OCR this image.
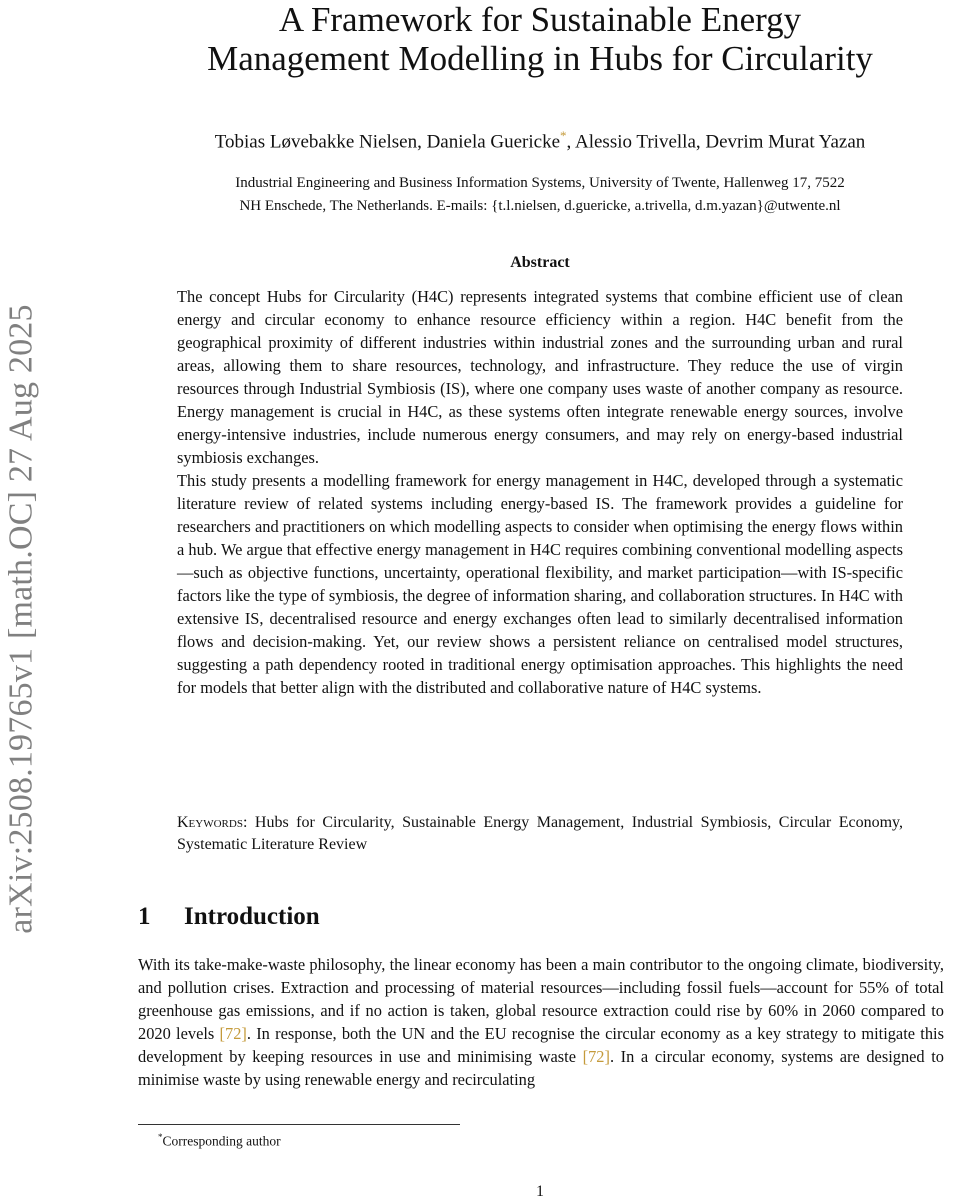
arXiv:2508.19765v1 [math.OC] 27 Aug 2025
A Framework for Sustainable Energy
Management Modelling in Hubs for Circularity
Tobias Løvebakke Nielsen, Daniela Guericke*, Alessio Trivella, Devrim Murat Yazan
Industrial Engineering and Business Information Systems, University of Twente, Hallenweg 17, 7522
NH Enschede, The Netherlands. E-mails: {t.l.nielsen, d.guericke, a.trivella, d.m.yazan}@utwente.nl
Abstract

The concept Hubs for Circularity (H4C) represents integrated systems that combine efficient use of clean energy and circular economy to enhance resource efficiency within a region. H4C benefit from the geographical proximity of different industries within industrial zones and the surrounding urban and rural areas, allowing them to share resources, technology, and infrastructure. They reduce the use of virgin resources through Industrial Symbiosis (IS), where one company uses waste of another company as resource. Energy management is crucial in H4C, as these systems often integrate renewable energy sources, involve energy-intensive industries, include numerous energy consumers, and may rely on energy-based industrial symbiosis exchanges.

This study presents a modelling framework for energy management in H4C, developed through a systematic literature review of related systems including energy-based IS. The framework provides a guideline for researchers and practitioners on which modelling aspects to consider when optimising the energy flows within a hub. We argue that effective energy management in H4C requires combining conventional modelling aspects—such as objective functions, uncertainty, operational flexibility, and market participation—with IS-specific factors like the type of symbiosis, the degree of information sharing, and collaboration structures. In H4C with extensive IS, decentralised resource and energy exchanges often lead to similarly decentralised information flows and decision-making. Yet, our review shows a persistent reliance on centralised model structures, suggesting a path dependency rooted in traditional energy optimisation approaches. This highlights the need for models that better align with the distributed and collaborative nature of H4C systems.

Keywords: Hubs for Circularity, Sustainable Energy Management, Industrial Symbiosis, Circular Economy, Systematic Literature Review
1 Introduction

With its take-make-waste philosophy, the linear economy has been a main contributor to the ongoing climate, biodiversity, and pollution crises. Extraction and processing of material resources—including fossil fuels—account for 55% of total greenhouse gas emissions, and if no action is taken, global resource extraction could rise by 60% in 2060 compared to 2020 levels [72]. In response, both the UN and the EU recognise the circular economy as a key strategy to mitigate this development by keeping resources in use and minimising waste [72]. In a circular economy, systems are designed to minimise waste by using renewable energy and recirculating

*Corresponding author
1
